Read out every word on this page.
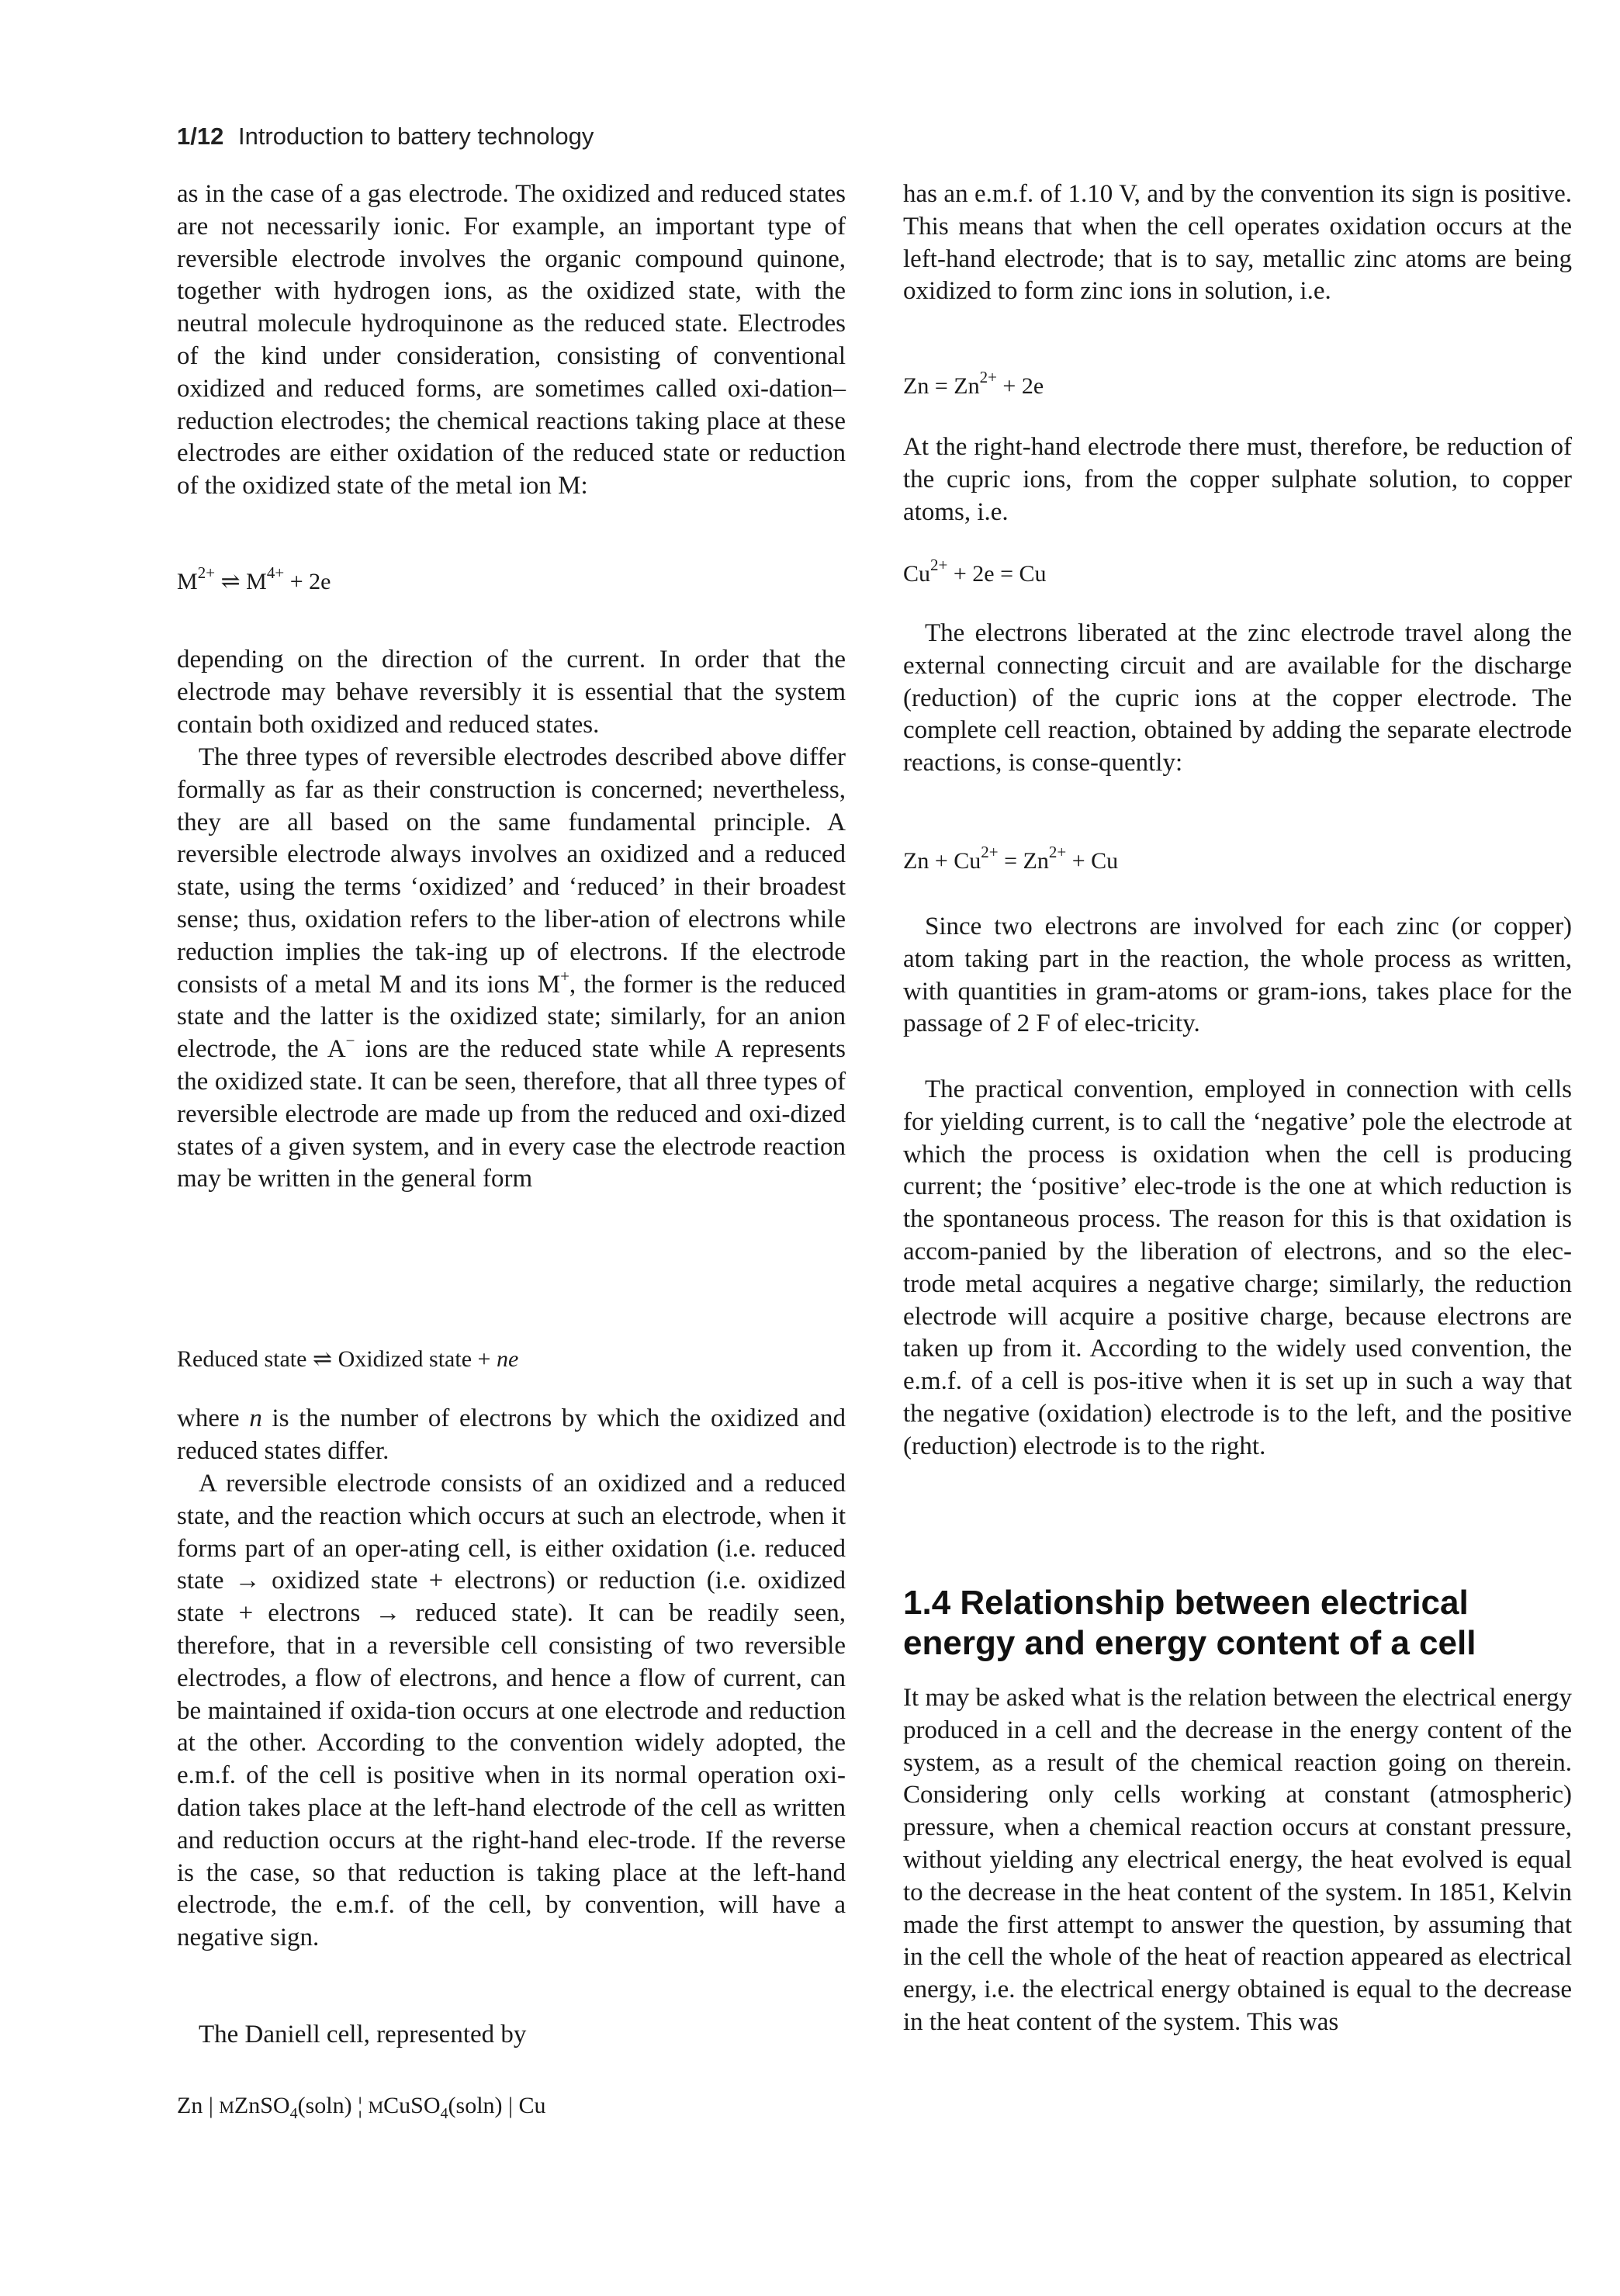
1/12 Introduction to battery technology

as in the case of a gas electrode. The oxidized and reduced states are not necessarily ionic. For example, an important type of reversible electrode involves the organic compound quinone, together with hydrogen ions, as the oxidized state, with the neutral molecule hydroquinone as the reduced state. Electrodes of the kind under consideration, consisting of conventional oxidized and reduced forms, are sometimes called oxi-dation–reduction electrodes; the chemical reactions taking place at these electrodes are either oxidation of the reduced state or reduction of the oxidized state of the metal ion M:

$M^{2+}$ ⇌ $M^{4+} + 2e$

depending on the direction of the current. In order that the electrode may behave reversibly it is essential that the system contain both oxidized and reduced states.

The three types of reversible electrodes described above differ formally as far as their construction is concerned; nevertheless, they are all based on the same fundamental principle. A reversible electrode always involves an oxidized and a reduced state, using the terms ‘oxidized’ and ‘reduced’ in their broadest sense; thus, oxidation refers to the liber-ation of electrons while reduction implies the tak-ing up of electrons. If the electrode consists of a metal M and its ions M+, the former is the reduced state and the latter is the oxidized state; similarly, for an anion electrode, the A− ions are the reduced state while A represents the oxidized state. It can be seen, therefore, that all three types of reversible electrode are made up from the reduced and oxi-dized states of a given system, and in every case the electrode reaction may be written in the general form

Reduced state ⇌ Oxidized state + ne

where n is the number of electrons by which the oxidized and reduced states differ.

A reversible electrode consists of an oxidized and a reduced state, and the reaction which occurs at such an electrode, when it forms part of an oper-ating cell, is either oxidation (i.e. reduced state → oxidized state + electrons) or reduction (i.e. oxidized state + electrons → reduced state). It can be readily seen, therefore, that in a reversible cell consisting of two reversible electrodes, a flow of electrons, and hence a flow of current, can be maintained if oxida-tion occurs at one electrode and reduction at the other. According to the convention widely adopted, the e.m.f. of the cell is positive when in its normal operation oxi-dation takes place at the left-hand electrode of the cell as written and reduction occurs at the right-hand elec-trode. If the reverse is the case, so that reduction is taking place at the left-hand electrode, the e.m.f. of the cell, by convention, will have a negative sign.

The Daniell cell, represented by

Zn | MZnSO$_4$(soln) ¦ MCuSO$_4$(soln) | Cu

has an e.m.f. of 1.10 V, and by the convention its sign is positive. This means that when the cell operates oxidation occurs at the left-hand electrode; that is to say, metallic zinc atoms are being oxidized to form zinc ions in solution, i.e.

$Zn = Zn^{2+} + 2e$

At the right-hand electrode there must, therefore, be reduction of the cupric ions, from the copper sulphate solution, to copper atoms, i.e.

$Cu^{2+} + 2e = Cu$

The electrons liberated at the zinc electrode travel along the external connecting circuit and are available for the discharge (reduction) of the cupric ions at the copper electrode. The complete cell reaction, obtained by adding the separate electrode reactions, is conse-quently:

$Zn + Cu^{2+} = Zn^{2+} + Cu$

Since two electrons are involved for each zinc (or copper) atom taking part in the reaction, the whole process as written, with quantities in gram-atoms or gram-ions, takes place for the passage of 2 F of elec-tricity.

The practical convention, employed in connection with cells for yielding current, is to call the ‘negative’ pole the electrode at which the process is oxidation when the cell is producing current; the ‘positive’ elec-trode is the one at which reduction is the spontaneous process. The reason for this is that oxidation is accom-panied by the liberation of electrons, and so the elec-trode metal acquires a negative charge; similarly, the reduction electrode will acquire a positive charge, because electrons are taken up from it. According to the widely used convention, the e.m.f. of a cell is pos-itive when it is set up in such a way that the negative (oxidation) electrode is to the left, and the positive (reduction) electrode is to the right.

1.4 Relationship between electrical
energy and energy content of a cell

It may be asked what is the relation between the electrical energy produced in a cell and the decrease in the energy content of the system, as a result of the chemical reaction going on therein. Considering only cells working at constant (atmospheric) pressure, when a chemical reaction occurs at constant pressure, without yielding any electrical energy, the heat evolved is equal to the decrease in the heat content of the system. In 1851, Kelvin made the first attempt to answer the question, by assuming that in the cell the whole of the heat of reaction appeared as electrical energy, i.e. the electrical energy obtained is equal to the decrease in the heat content of the system. This was
